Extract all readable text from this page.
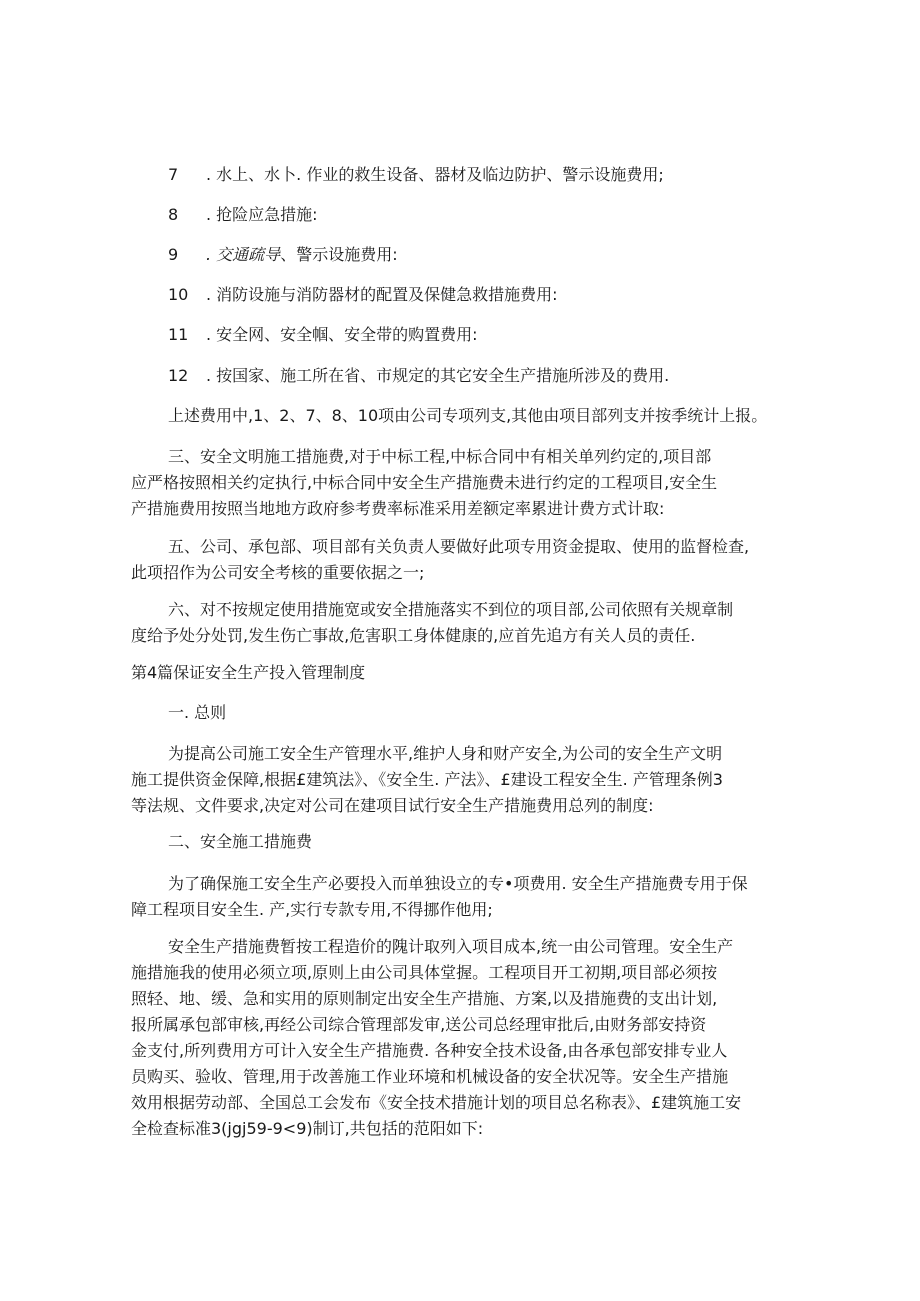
7 . 水上、水卜. 作业的救生设备、器材及临边防护、警示设施费用;
8 . 抢险应急措施:
9 . 交通疏导、警示设施费用:
10 . 消防设施与消防器材的配置及保健急救措施费用:
11 . 安全网、安全帼、安全带的购置费用:
12 . 按国家、施工所在省、市规定的其它安全生产措施所涉及的费用.
上述费用中,1、2、7、8、10项由公司专项列支,其他由项目部列支并按季统计上报。
三、安全文明施工措施费,对于中标工程,中标合同中有相关单列约定的,项目部
应严格按照相关约定执行,中标合同中安全生产措施费未进行约定的工程项目,安全生
产措施费用按照当地地方政府参考费率标准采用差额定率累进计费方式计取:
五、公司、承包部、项目部有关负责人要做好此项专用资金提取、使用的监督检查,
此项招作为公司安全考核的重要依据之一;
六、对不按规定使用措施宽或安全措施落实不到位的项目部,公司依照有关规章制
度给予处分处罚,发生伤亡事故,危害职工身体健康的,应首先追方有关人员的责任.
第4篇保证安全生产投入管理制度
一. 总则
为提高公司施工安全生产管理水平,维护人身和财产安全,为公司的安全生产文明
施工提供资金保障,根据£建筑法》、《安全生. 产法》、£建设工程安全生. 产管理条例3
等法规、文件要求,决定对公司在建项目试行安全生产措施费用总列的制度:
二、安全施工措施费
为了确保施工安全生产必要投入而单独设立的专•项费用. 安全生产措施费专用于保
障工程项目安全生. 产,实行专款专用,不得挪作他用;
安全生产措施费暂按工程造价的隗计取列入项目成本,统一由公司管理。安全生产
施措施我的使用必须立项,原则上由公司具体堂握。工程项目开工初期,项目部必须按
照轻、地、缓、急和实用的原则制定出安全生产措施、方案,以及措施费的支出计划,
报所属承包部审核,再经公司综合管理部发审,送公司总经理审批后,由财务部安持资
金支付,所列费用方可计入安全生产措施费. 各种安全技术设备,由各承包部安排专业人
员购买、验收、管理,用于改善施工作业环境和机械设备的安全状况等。安全生产措施
效用根据劳动部、全国总工会发布《安全技术措施计划的项目总名称表》、£建筑施工安
全检查标准3(jgj59-9<9)制订,共包括的范阳如下:
